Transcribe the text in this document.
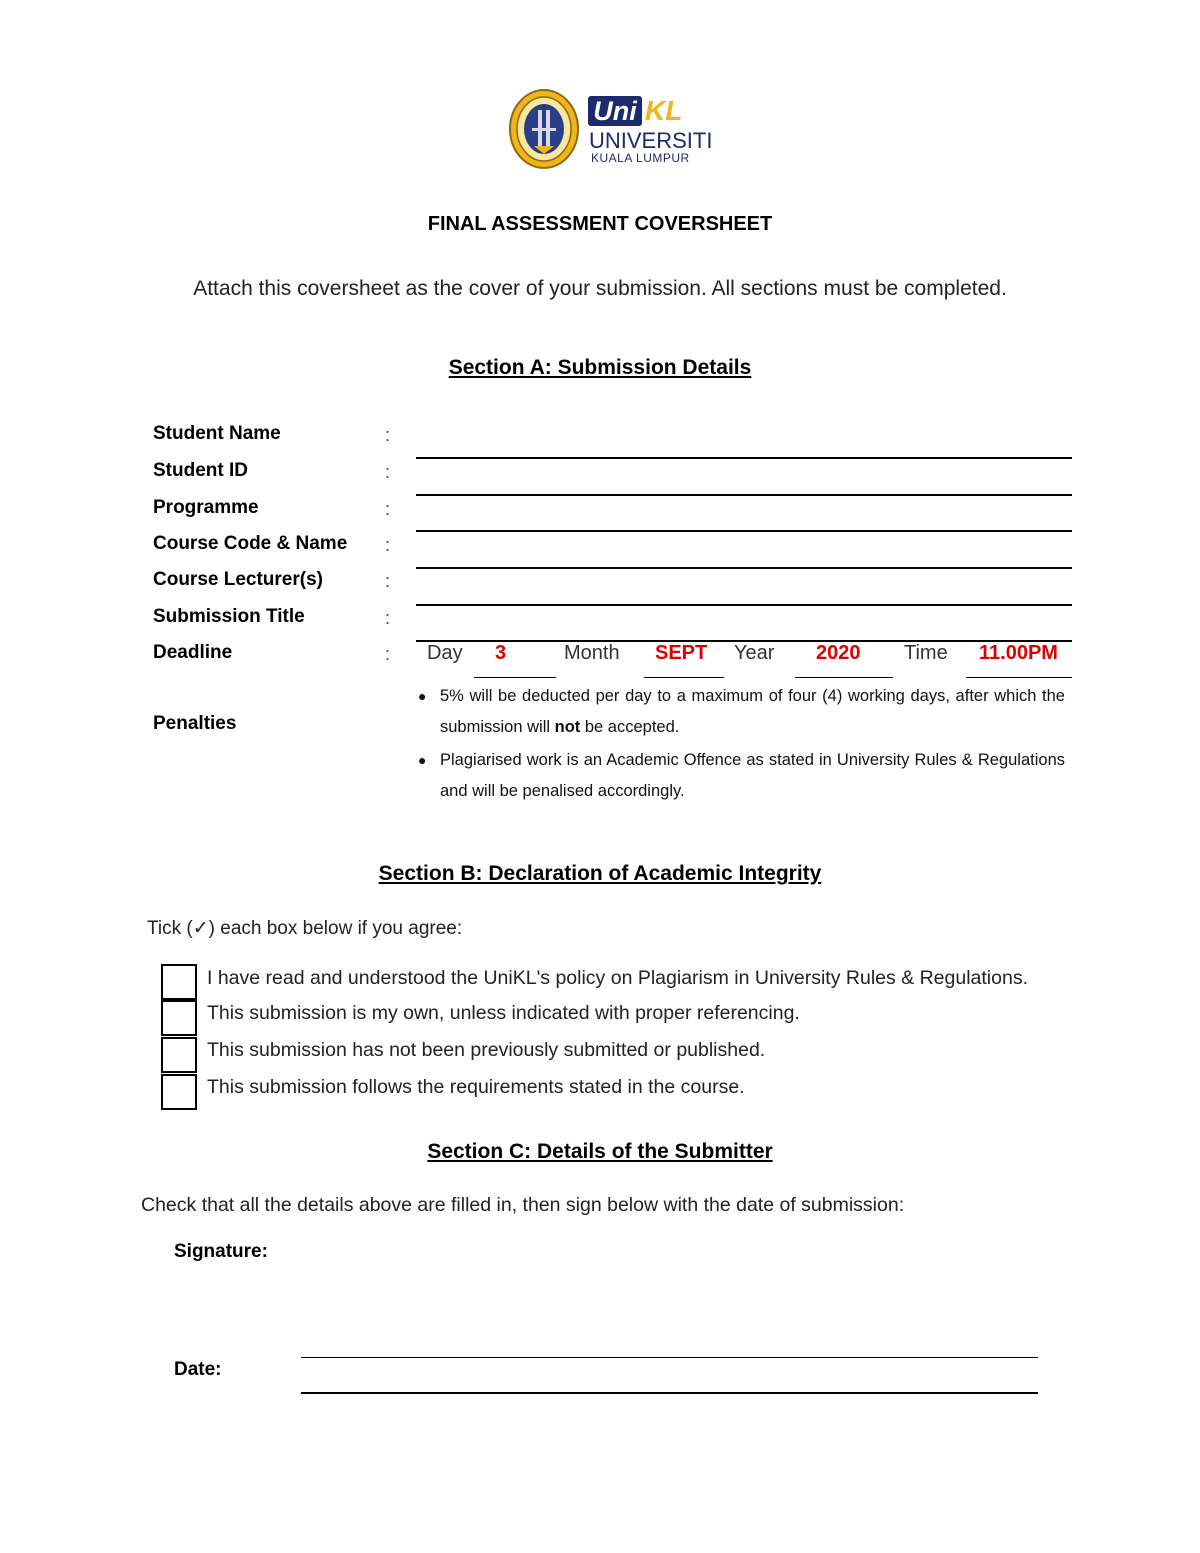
Uni KL
UNIVERSITI
KUALA LUMPUR
FINAL ASSESSMENT COVERSHEET
Attach this coversheet as the cover of your submission. All sections must be completed.
Section A: Submission Details
Student Name	:
Student ID	:
Programme	:
Course Code & Name :
Course Lecturer(s)	:
Submission Title	:
Deadline	: Day 3	Month SEPT Year 2020 Time 11.00PM
Penalties
● 5% will be deducted per day to a maximum of four (4) working days, after which the submission will not be accepted.
● Plagiarised work is an Academic Offence as stated in University Rules & Regulations and will be penalised accordingly.
Section B: Declaration of Academic Integrity
Tick (✓) each box below if you agree:
I have read and understood the UniKL's policy on Plagiarism in University Rules & Regulations.
This submission is my own, unless indicated with proper referencing.
This submission has not been previously submitted or published.
This submission follows the requirements stated in the course.
Section C: Details of the Submitter
Check that all the details above are filled in, then sign below with the date of submission:
Signature:
Date:
